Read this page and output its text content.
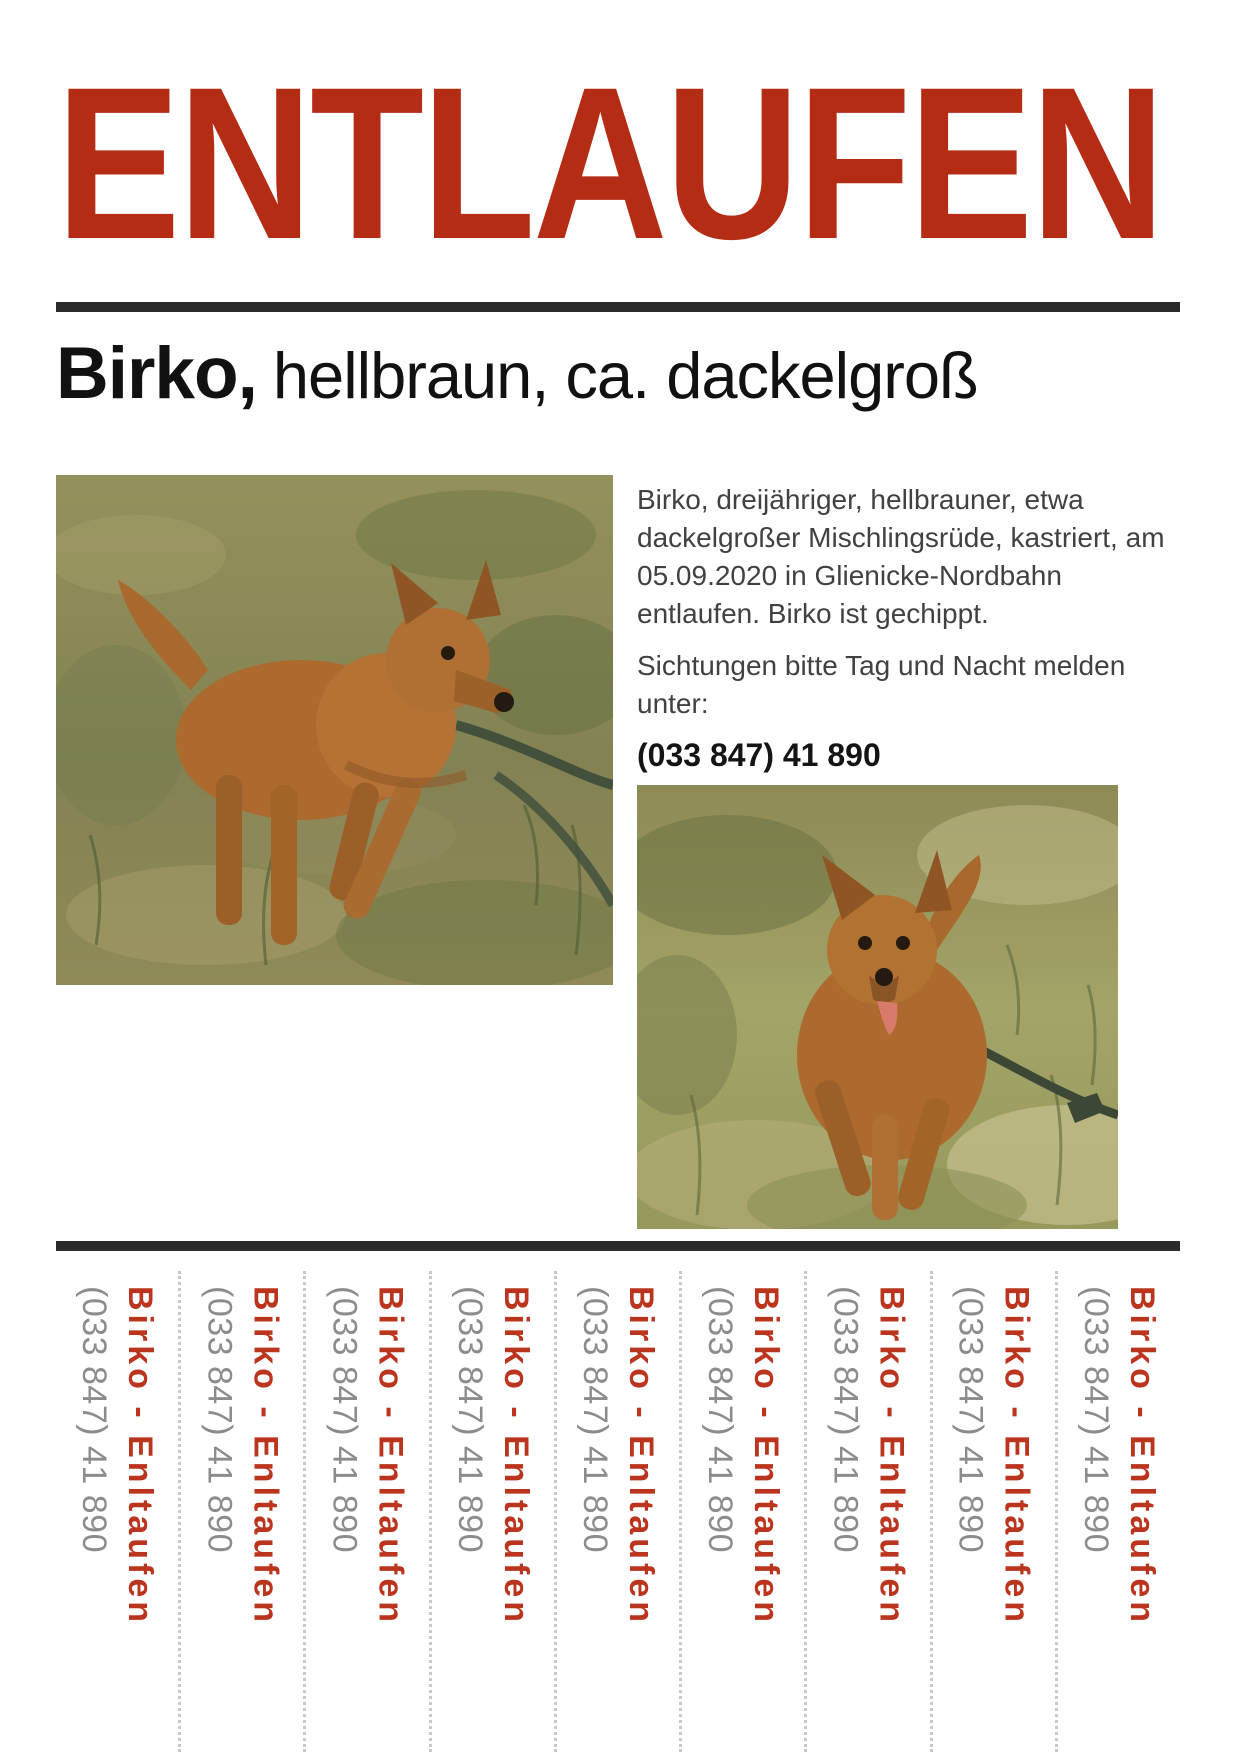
ENTLAUFEN
Birko, hellbraun, ca. dackelgroß

Birko, dreijähriger, hellbrauner, etwa dackelgroßer Mischlingsrüde, kastriert, am 05.09.2020 in Glienicke-Nordbahn entlaufen. Birko ist gechippt.

Sichtungen bitte Tag und Nacht melden unter:

(033 847) 41 890
Birko - Enltaufen
(033 847) 41 890	Birko - Enltaufen
(033 847) 41 890	Birko - Enltaufen
(033 847) 41 890	Birko - Enltaufen
(033 847) 41 890	Birko - Enltaufen
(033 847) 41 890	Birko - Enltaufen
(033 847) 41 890	Birko - Enltaufen
(033 847) 41 890	Birko - Enltaufen
(033 847) 41 890	Birko - Enltaufen
(033 847) 41 890
